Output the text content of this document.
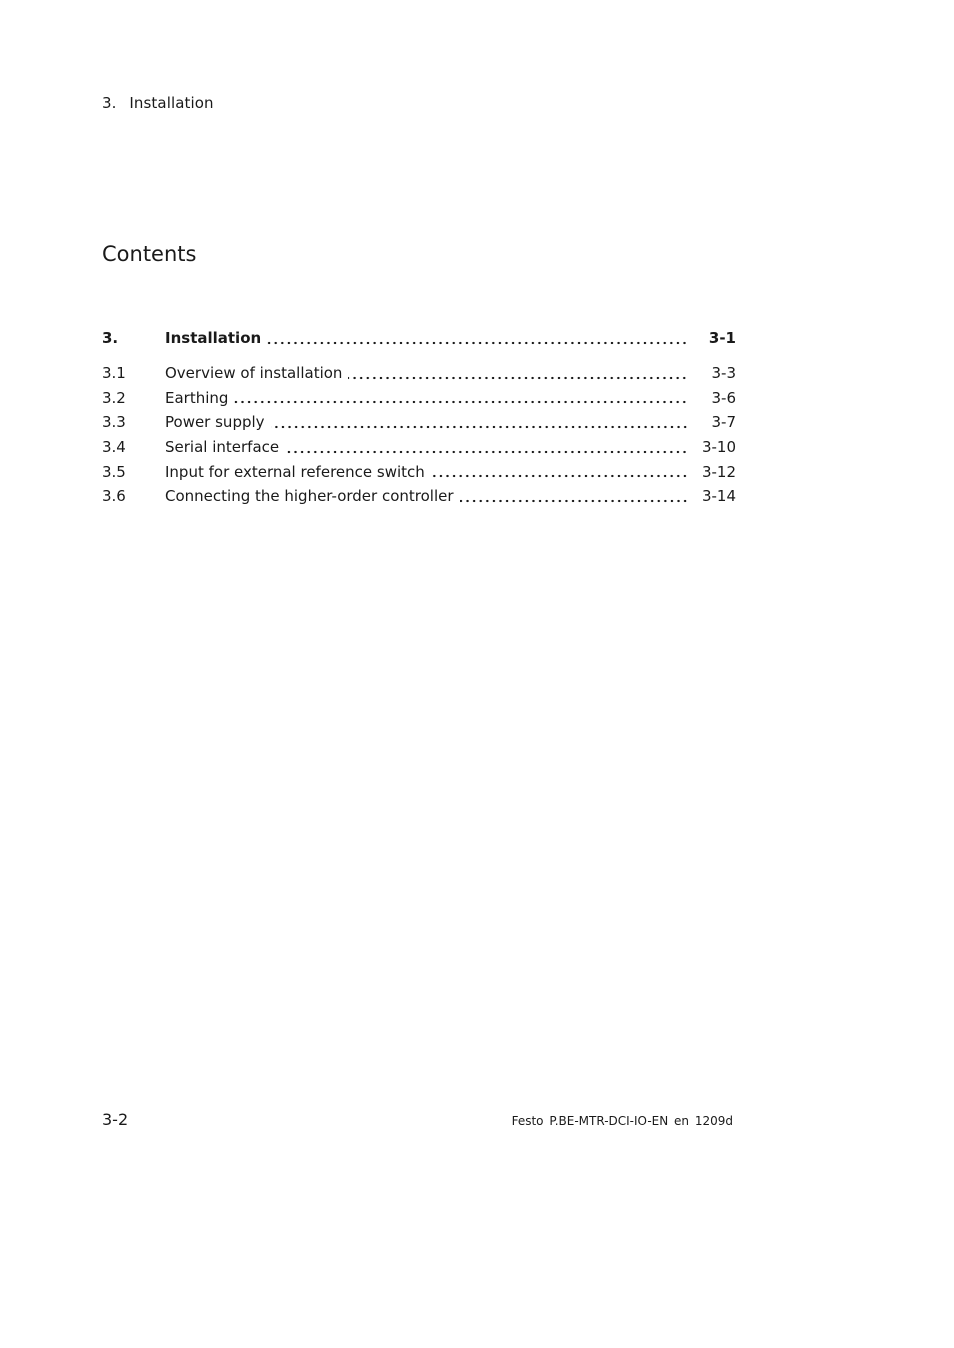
3. Installation
Contents
3.	Installation	3-1
3.1	Overview of installation	3-3
3.2	Earthing	3-6
3.3	Power supply	3-7
3.4	Serial interface	3-10
3.5	Input for external reference switch	3-12
3.6	Connecting the higher-order controller	3-14
3-2	Festo P.BE-MTR-DCI-IO-EN en 1209d
